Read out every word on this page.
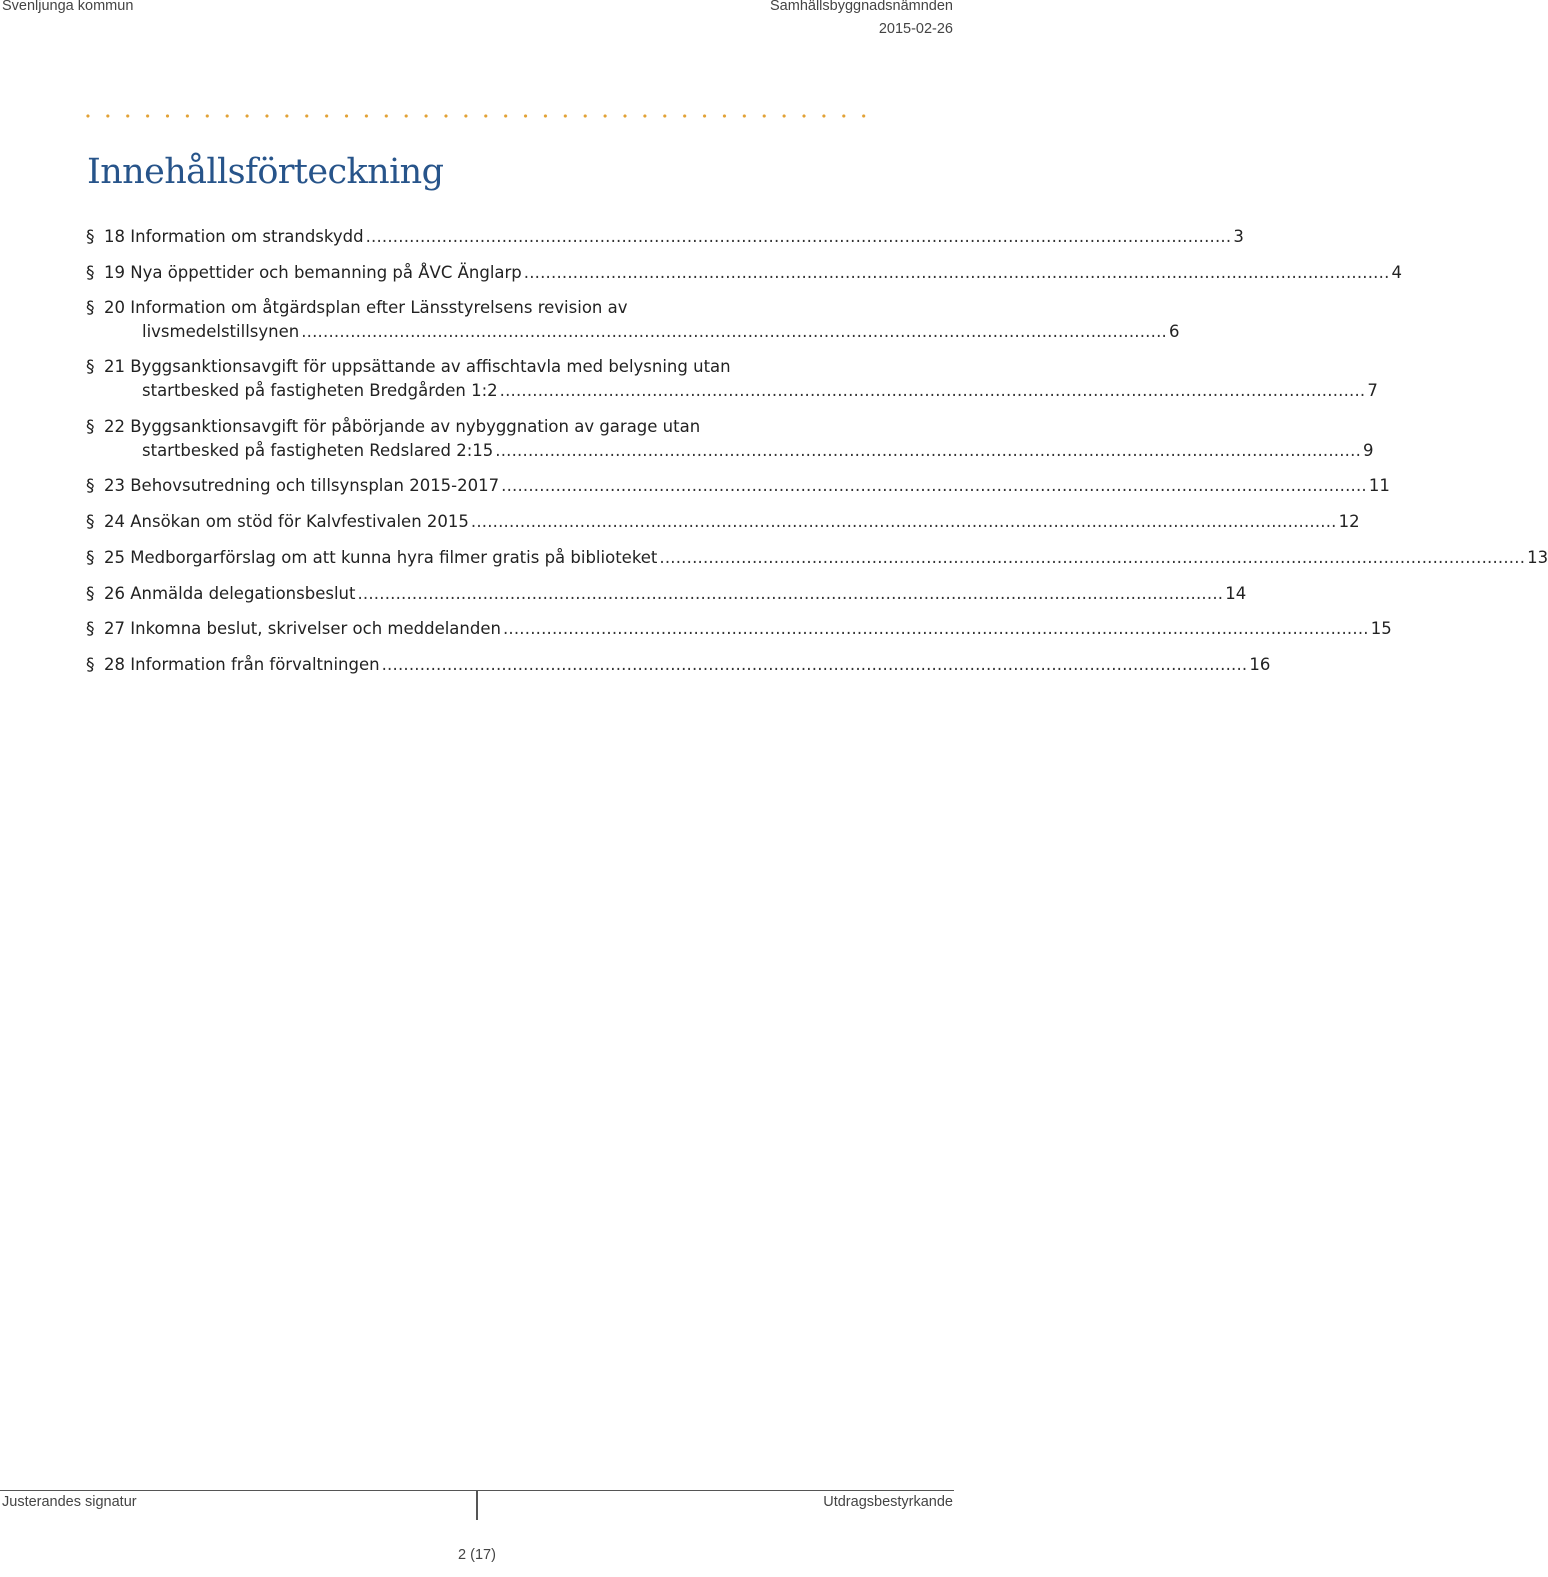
Svenljunga kommun	Samhällsbyggnadsnämnden
2015-02-26
Innehållsförteckning
§ 18 Information om strandskydd ............................................................................................................................................................... 3
§ 19 Nya öppettider och bemanning på ÅVC Änglarp ............................................................................................................................................................... 4
§ 20 Information om åtgärdsplan efter Länsstyrelsens revision av
livsmedelstillsynen ............................................................................................................................................................... 6
§ 21 Byggsanktionsavgift för uppsättande av affischtavla med belysning utan
startbesked på fastigheten Bredgården 1:2 ............................................................................................................................................................... 7
§ 22 Byggsanktionsavgift för påbörjande av nybyggnation av garage utan
startbesked på fastigheten Redslared 2:15 ............................................................................................................................................................... 9
§ 23 Behovsutredning och tillsynsplan 2015-2017 ............................................................................................................................................................... 11
§ 24 Ansökan om stöd för Kalvfestivalen 2015 ............................................................................................................................................................... 12
§ 25 Medborgarförslag om att kunna hyra filmer gratis på biblioteket ............................................................................................................................................................... 13
§ 26 Anmälda delegationsbeslut ............................................................................................................................................................... 14
§ 27 Inkomna beslut, skrivelser och meddelanden ............................................................................................................................................................... 15
§ 28 Information från förvaltningen ............................................................................................................................................................... 16
Justerandes signatur	Utdragsbestyrkande
2 (17)
